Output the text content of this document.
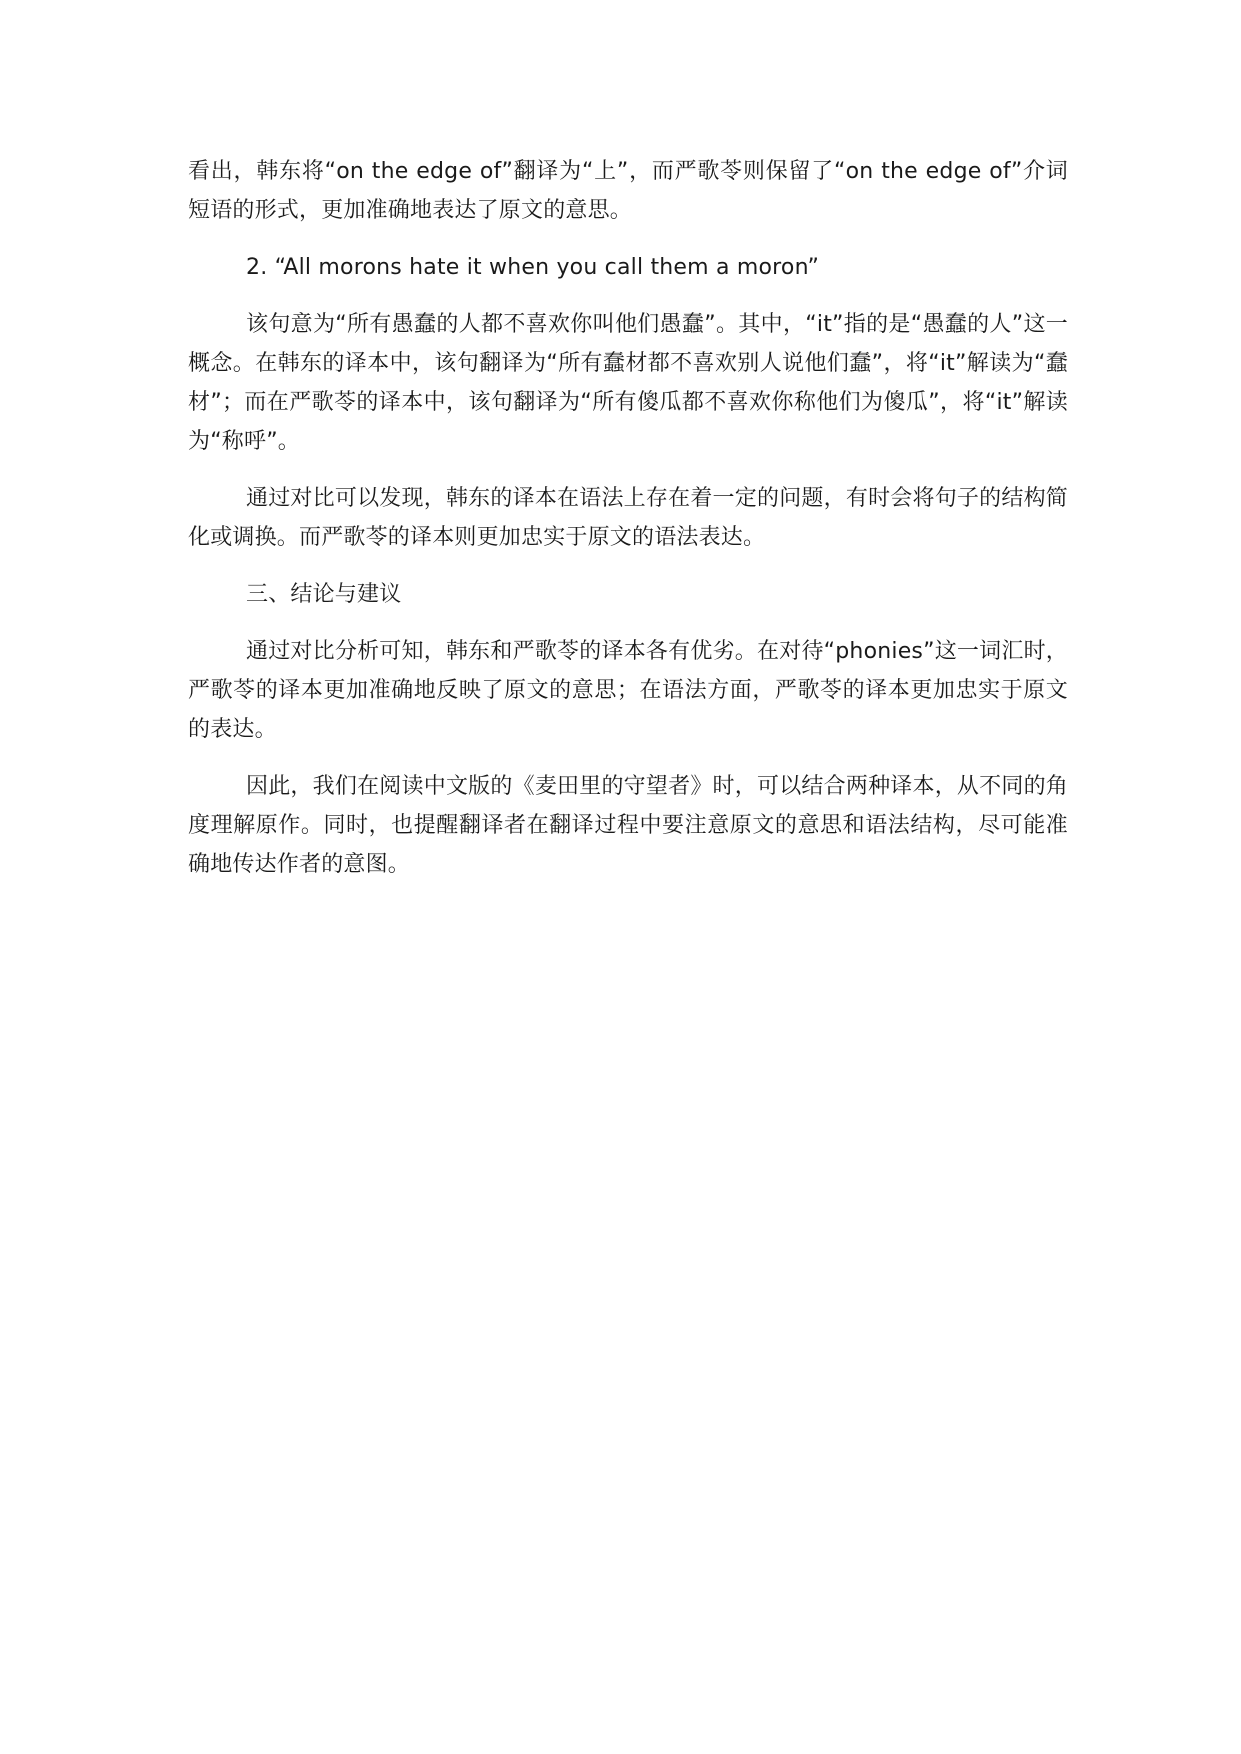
看出，韩东将“on the edge of”翻译为“上”，而严歌苓则保留了“on the edge of”介词短语的形式，更加准确地表达了原文的意思。

2. “All morons hate it when you call them a moron”

该句意为“所有愚蠢的人都不喜欢你叫他们愚蠢”。其中，“it”指的是“愚蠢的人”这一概念。在韩东的译本中，该句翻译为“所有蠢材都不喜欢别人说他们蠢”，将“it”解读为“蠢材”；而在严歌苓的译本中，该句翻译为“所有傻瓜都不喜欢你称他们为傻瓜”，将“it”解读为“称呼”。

通过对比可以发现，韩东的译本在语法上存在着一定的问题，有时会将句子的结构简化或调换。而严歌苓的译本则更加忠实于原文的语法表达。

三、结论与建议

通过对比分析可知，韩东和严歌苓的译本各有优劣。在对待“phonies”这一词汇时，严歌苓的译本更加准确地反映了原文的意思；在语法方面，严歌苓的译本更加忠实于原文的表达。

因此，我们在阅读中文版的《麦田里的守望者》时，可以结合两种译本，从不同的角度理解原作。同时，也提醒翻译者在翻译过程中要注意原文的意思和语法结构，尽可能准确地传达作者的意图。
